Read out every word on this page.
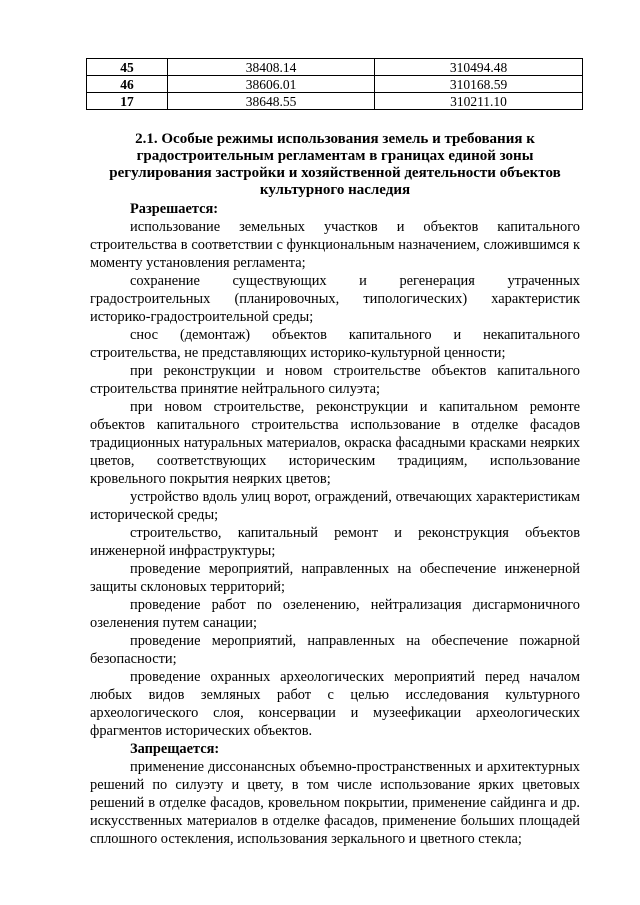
45	38408.14	310494.48
46	38606.01	310168.59
17	38648.55	310211.10
2.1. Особые режимы использования земель и требования к градостроительным регламентам в границах единой зоны регулирования застройки и хозяйственной деятельности объектов культурного наследия

Разрешается:

использование земельных участков и объектов капитального строительства в соответствии с функциональным назначением, сложившимся к моменту установления регламента;

сохранение существующих и регенерация утраченных градостроительных (планировочных, типологических) характеристик историко-градостроительной среды;

снос (демонтаж) объектов капитального и некапитального строительства, не представляющих историко-культурной ценности;

при реконструкции и новом строительстве объектов капитального строительства принятие нейтрального силуэта;

при новом строительстве, реконструкции и капитальном ремонте объектов капитального строительства использование в отделке фасадов традиционных натуральных материалов, окраска фасадными красками неярких цветов, соответствующих историческим традициям, использование кровельного покрытия неярких цветов;

устройство вдоль улиц ворот, ограждений, отвечающих характеристикам исторической среды;

строительство, капитальный ремонт и реконструкция объектов инженерной инфраструктуры;

проведение мероприятий, направленных на обеспечение инженерной защиты склоновых территорий;

проведение работ по озеленению, нейтрализация дисгармоничного озеленения путем санации;

проведение мероприятий, направленных на обеспечение пожарной безопасности;

проведение охранных археологических мероприятий перед началом любых видов земляных работ с целью исследования культурного археологического слоя, консервации и музеефикации археологических фрагментов исторических объектов.

Запрещается:

применение диссонансных объемно-пространственных и архитектурных решений по силуэту и цвету, в том числе использование ярких цветовых решений в отделке фасадов, кровельном покрытии, применение сайдинга и др. искусственных материалов в отделке фасадов, применение больших площадей сплошного остекления, использования зеркального и цветного стекла;
